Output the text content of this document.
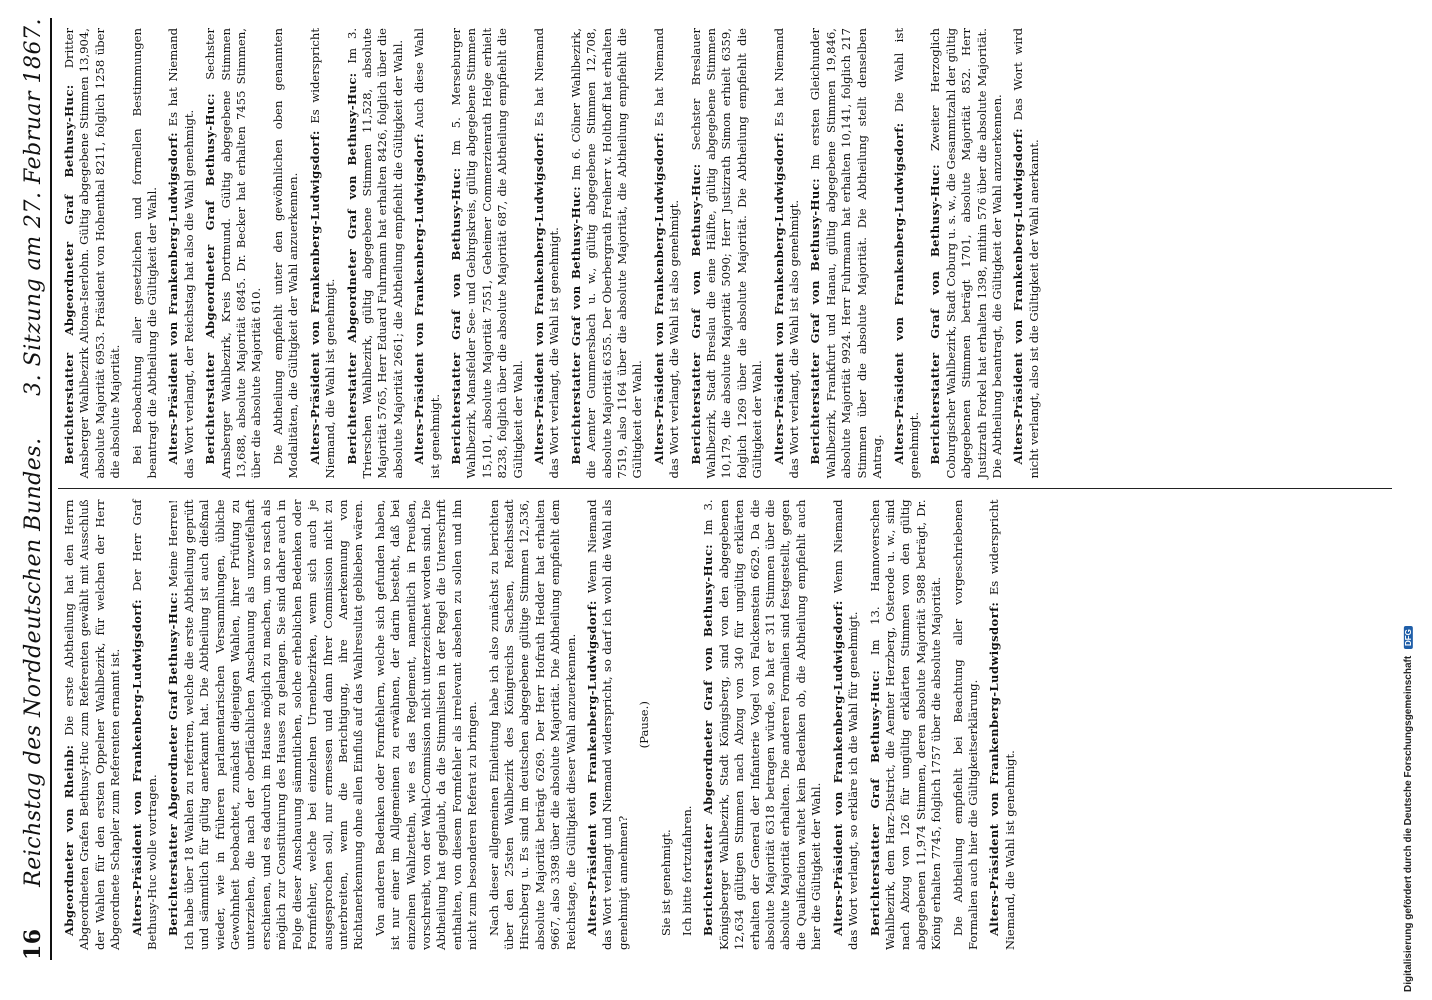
16
Reichstag des Norddeutschen Bundes.
3. Sitzung am 27. Februar 1867.

Abgeordneter von Rheinb: Die erste Abtheilung hat den Herrn Abgeordneten Grafen Bethusy-Huc zum Referenten gewählt mit Ausschluß der Wahlen für den ersten Oppelner Wahlbezirk, für welchen der Herr Abgeordnete Schapler zum Referenten ernannt ist. Alters-Präsident von Frankenberg-Ludwigsdorf: Der Herr Graf Bethusy-Huc wolle vortragen. Berichterstatter Abgeordneter Graf Bethusy-Huc: Meine Herren! Ich habe über 18 Wahlen zu referiren, welche die erste Abtheilung geprüft und sämmtlich für gültig anerkannt hat. Die Abtheilung ist auch dießmal wieder, wie in früheren parlamentarischen Versammlungen, übliche Gewohnheit beobachtet, zunächst diejenigen Wahlen, ihrer Prüfung zu unterziehen, die nach der oberflächlichen Anschauung als unzweifelhaft erschienen, und es dadurch im Hause möglich zu machen, um so rasch als möglich zur Constituirung des Hauses zu gelangen. Sie sind daher auch in Folge dieser Anschauung sämmtlichen, solche erheblichen Bedenken oder Formfehler, welche bei einzelnen Urnenbezirken, wenn sich auch je ausgesprochen soll, nur ermessen und dann Ihrer Commission nicht zu unterbreiten, wenn die Berichtigung, ihre Anerkennung von Richtanerkennung ohne allen Einfluß auf das Wahlresultat geblieben wären. Von anderen Bedenken oder Formfehlern, welche sich gefunden haben, ist nur einer im Allgemeinen zu erwähnen, der darin besteht, daß bei einzelnen Wahlzetteln, wie es das Reglement, namentlich in Preußen, vorschreibt, von der Wahl-Commission nicht unterzeichnet worden sind. Die Abtheilung hat geglaubt, da die Stimmlisten in der Regel die Unterschrift enthalten, von diesem Formfehler als irrelevant absehen zu sollen und ihn nicht zum besonderen Referat zu bringen. Nach dieser allgemeinen Einleitung habe ich also zunächst zu berichten über den 25sten Wahlbezirk des Königreichs Sachsen, Reichsstadt Hirschberg u. Es sind im deutschen abgegebene gültige Stimmen 12,536, absolute Majorität beträgt 6269. Der Herr Hofrath Hedder hat erhalten 9667, also 3398 über die absolute Majorität. Die Abtheilung empfiehlt dem Reichstage, die Gültigkeit dieser Wahl anzuerkennen. Alters-Präsident von Frankenberg-Ludwigsdorf: Wenn Niemand das Wort verlangt und Niemand widerspricht, so darf ich wohl die Wahl als genehmigt annehmen?

(Pause.)

Sie ist genehmigt. Ich bitte fortzufahren. Berichterstatter Abgeordneter Graf von Bethusy-Huc: Im 3. Königsberger Wahlbezirk, Stadt Königsberg, sind von den abgegebenen 12,634 gültigen Stimmen nach Abzug von 340 für ungültig erklärten erhalten der General der Infanterie Vogel von Falckenstein 6629. Da die absolute Majorität 6318 betragen würde, so hat er 311 Stimmen über die absolute Majorität erhalten. Die anderen Formalien sind festgestellt, gegen die Qualification waltet kein Bedenken ob, die Abtheilung empfiehlt auch hier die Gültigkeit der Wahl. Alters-Präsident von Frankenberg-Ludwigsdorf: Wenn Niemand das Wort verlangt, so erkläre ich die Wahl für genehmigt. Berichterstatter Graf Bethusy-Huc: Im 13. Hannoverschen Wahlbezirk, dem Harz-District, die Aemter Herzberg, Osterode u. w., sind nach Abzug von 126 für ungültig erklärten Stimmen von den gültig abgegebenen 11,974 Stimmen, deren absolute Majorität 5988 beträgt, Dr. König erhalten 7745, folglich 1757 über die absolute Majorität. Die Abtheilung empfiehlt bei Beachtung aller vorgeschriebenen Formalien auch hier die Gültigkeitserklärung. Alters-Präsident von Frankenberg-Ludwigsdorf: Es widerspricht Niemand, die Wahl ist genehmigt.

Berichterstatter Abgeordneter Graf Bethusy-Huc: Dritter Ansberger Wahlbezirk Altona-Iserlohn. Gültig abgegebene Stimmen 13,904, absolute Majorität 6953. Präsident von Hohenthal 8211, folglich 1258 über die absolute Majorität. Bei Beobachtung aller gesetzlichen und formellen Bestimmungen beantragt die Abtheilung die Gültigkeit der Wahl. Alters-Präsident von Frankenberg-Ludwigsdorf: Es hat Niemand das Wort verlangt, der Reichstag hat also die Wahl genehmigt. Berichterstatter Abgeordneter Graf Bethusy-Huc: Sechster Arnsberger Wahlbezirk, Kreis Dortmund. Gültig abgegebene Stimmen 13,688, absolute Majorität 6845. Dr. Becker hat erhalten 7455 Stimmen, über die absolute Majorität 610. Die Abtheilung empfiehlt unter den gewöhnlichen oben genannten Modalitäten, die Gültigkeit der Wahl anzuerkennen. Alters-Präsident von Frankenberg-Ludwigsdorf: Es widerspricht Niemand, die Wahl ist genehmigt. Berichterstatter Abgeordneter Graf von Bethusy-Huc: Im 3. Trierschen Wahlbezirk, gültig abgegebene Stimmen 11,528, absolute Majorität 5765, Herr Eduard Fuhrmann hat erhalten 8426, folglich über die absolute Majorität 2661; die Abtheilung empfiehlt die Gültigkeit der Wahl. Alters-Präsident von Frankenberg-Ludwigsdorf: Auch diese Wahl ist genehmigt. Berichterstatter Graf von Bethusy-Huc: Im 5. Merseburger Wahlbezirk, Mansfelder See- und Gebirgskreis, gültig abgegebene Stimmen 15,101, absolute Majorität 7551, Geheimer Commerzienrath Helge erhielt 8238, folglich über die absolute Majorität 687, die Abtheilung empfiehlt die Gültigkeit der Wahl. Alters-Präsident von Frankenberg-Ludwigsdorf: Es hat Niemand das Wort verlangt, die Wahl ist genehmigt. Berichterstatter Graf von Bethusy-Huc: Im 6. Cölner Wahlbezirk, die Aemter Gummersbach u. w., gültig abgegebene Stimmen 12,708, absolute Majorität 6355. Der Oberbergrath Freiherr v. Holthoff hat erhalten 7519, also 1164 über die absolute Majorität, die Abtheilung empfiehlt die Gültigkeit der Wahl. Alters-Präsident von Frankenberg-Ludwigsdorf: Es hat Niemand das Wort verlangt, die Wahl ist also genehmigt. Berichterstatter Graf von Bethusy-Huc: Sechster Breslauer Wahlbezirk, Stadt Breslau die eine Hälfte, gültig abgegebene Stimmen 10,179, die absolute Majorität 5090; Herr Justizrath Simon erhielt 6359, folglich 1269 über die absolute Majorität. Die Abtheilung empfiehlt die Gültigkeit der Wahl. Alters-Präsident von Frankenberg-Ludwigsdorf: Es hat Niemand das Wort verlangt, die Wahl ist also genehmigt. Berichterstatter Graf von Bethusy-Huc: Im ersten Gleichunder Wahlbezirk, Frankfurt und Hanau, gültig abgegebene Stimmen 19,846, absolute Majorität 9924. Herr Fuhrmann hat erhalten 10,141, folglich 217 Stimmen über die absolute Majorität. Die Abtheilung stellt denselben Antrag. Alters-Präsident von Frankenberg-Ludwigsdorf: Die Wahl ist genehmigt. Berichterstatter Graf von Bethusy-Huc: Zweiter Herzoglich Coburgischer Wahlbezirk, Stadt Coburg u. s. w., die Gesammtzahl der gültig abgegebenen Stimmen beträgt 1701, absolute Majorität 852. Herr Justizrath Forkel hat erhalten 1398, mithin 576 über die absolute Majorität. Die Abtheilung beantragt, die Gültigkeit der Wahl anzuerkennen. Alters-Präsident von Frankenberg-Ludwigsdorf: Das Wort wird nicht verlangt, also ist die Gültigkeit der Wahl anerkannt.

Digitalisierung gefördert durch die Deutsche Forschungsgemeinschaft DFG
